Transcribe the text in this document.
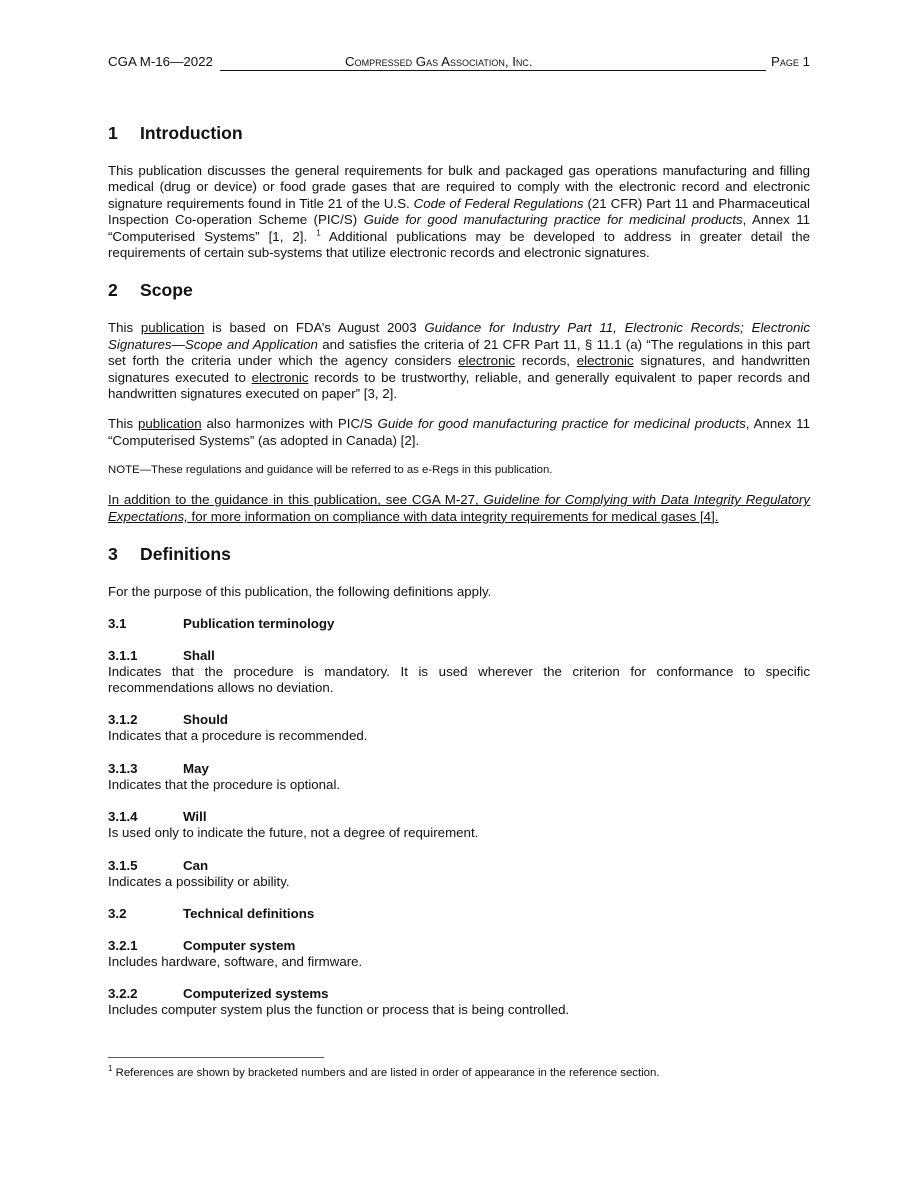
CGA M-16—2022	Compressed Gas Association, Inc.	Page 1
1 Introduction

This publication discusses the general requirements for bulk and packaged gas operations manufacturing and filling medical (drug or device) or food grade gases that are required to comply with the electronic record and electronic signature requirements found in Title 21 of the U.S. Code of Federal Regulations (21 CFR) Part 11 and Pharmaceutical Inspection Co-operation Scheme (PIC/S) Guide for good manufacturing practice for medicinal products, Annex 11 “Computerised Systems” [1, 2]. $^1$ Additional publications may be developed to address in greater detail the requirements of certain sub-systems that utilize electronic records and electronic signatures.

2 Scope

This publication is based on FDA’s August 2003 Guidance for Industry Part 11, Electronic Records; Electronic Signatures—Scope and Application and satisfies the criteria of 21 CFR Part 11, § 11.1 (a) “The regulations in this part set forth the criteria under which the agency considers electronic records, electronic signatures, and handwritten signatures executed to electronic records to be trustworthy, reliable, and generally equivalent to paper records and handwritten signatures executed on paper” [3, 2].

This publication also harmonizes with PIC/S Guide for good manufacturing practice for medicinal products, Annex 11 “Computerised Systems” (as adopted in Canada) [2].

NOTE—These regulations and guidance will be referred to as e-Regs in this publication.

In addition to the guidance in this publication, see CGA M-27, Guideline for Complying with Data Integrity Regulatory Expectations, for more information on compliance with data integrity requirements for medical gases [4].

3 Definitions

For the purpose of this publication, the following definitions apply.

3.1	Publication terminology
3.1.1	Shall
Indicates that the procedure is mandatory. It is used wherever the criterion for conformance to specific recommendations allows no deviation.
3.1.2	Should
Indicates that a procedure is recommended.
3.1.3	May
Indicates that the procedure is optional.
3.1.4	Will
Is used only to indicate the future, not a degree of requirement.
3.1.5	Can
Indicates a possibility or ability.
3.2	Technical definitions
3.2.1	Computer system
Includes hardware, software, and firmware.
3.2.2	Computerized systems
Includes computer system plus the function or process that is being controlled.
$^1$ References are shown by bracketed numbers and are listed in order of appearance in the reference section.
